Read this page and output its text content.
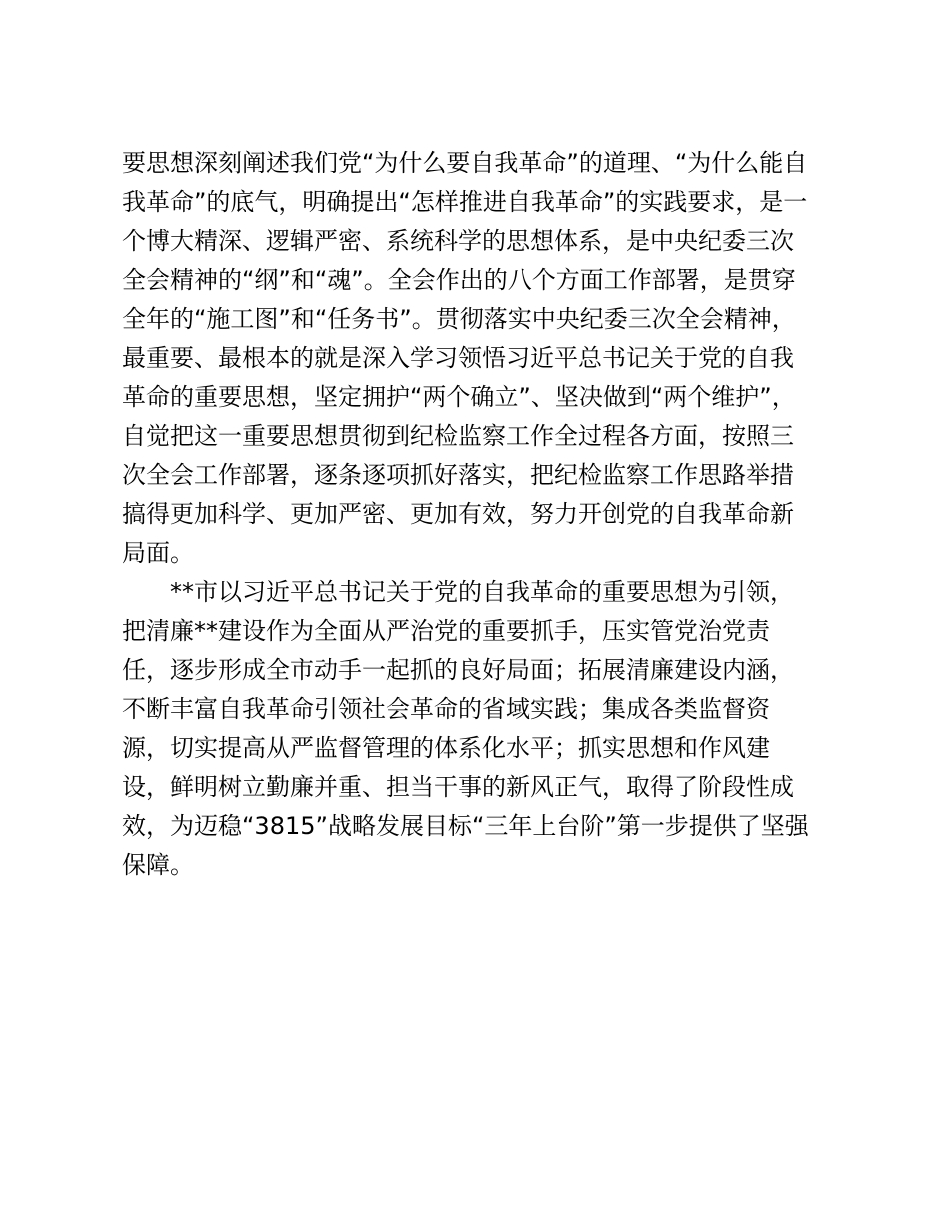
要思想深刻阐述我们党“为什么要自我革命”的道理、“为什么能自
我革命”的底气，明确提出“怎样推进自我革命”的实践要求，是一
个博大精深、逻辑严密、系统科学的思想体系，是中央纪委三次
全会精神的“纲”和“魂”。全会作出的八个方面工作部署，是贯穿
全年的“施工图”和“任务书”。贯彻落实中央纪委三次全会精神，
最重要、最根本的就是深入学习领悟习近平总书记关于党的自我
革命的重要思想，坚定拥护“两个确立”、坚决做到“两个维护”，
自觉把这一重要思想贯彻到纪检监察工作全过程各方面，按照三
次全会工作部署，逐条逐项抓好落实，把纪检监察工作思路举措
搞得更加科学、更加严密、更加有效，努力开创党的自我革命新
局面。
　　**市以习近平总书记关于党的自我革命的重要思想为引领，
把清廉**建设作为全面从严治党的重要抓手，压实管党治党责
任，逐步形成全市动手一起抓的良好局面；拓展清廉建设内涵，
不断丰富自我革命引领社会革命的省域实践；集成各类监督资
源，切实提高从严监督管理的体系化水平；抓实思想和作风建
设，鲜明树立勤廉并重、担当干事的新风正气，取得了阶段性成
效，为迈稳“3815”战略发展目标“三年上台阶”第一步提供了坚强
保障。
